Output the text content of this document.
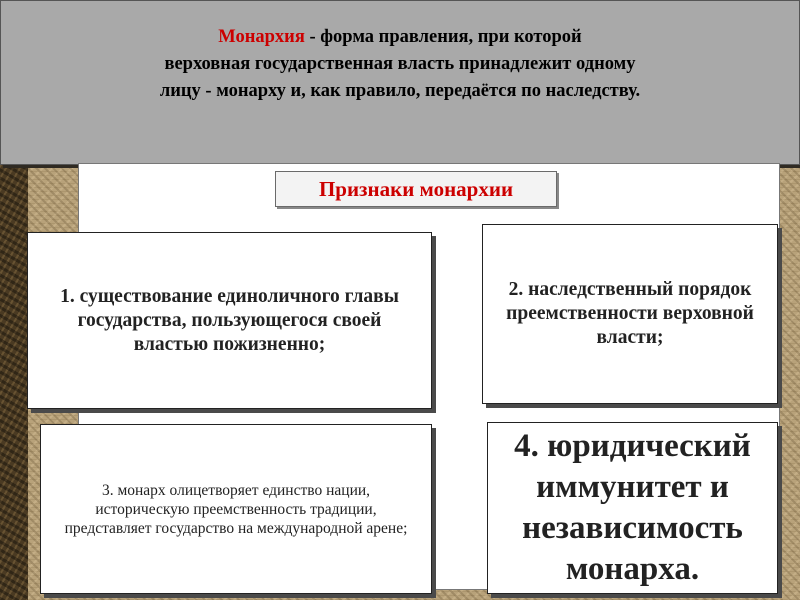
Монархия - форма правления, при которой
верховная государственная власть принадлежит одному
лицу - монарху и, как правило, передаётся по наследству.
Признаки монархии
1. существование единоличного главы государства, пользующегося своей властью пожизненно;
2. наследственный порядок преемственности верховной власти;
3. монарх олицетворяет единство нации, историческую преемственность традиции, представляет государство на международной арене;
4. юридический иммунитет и независимость монарха.
